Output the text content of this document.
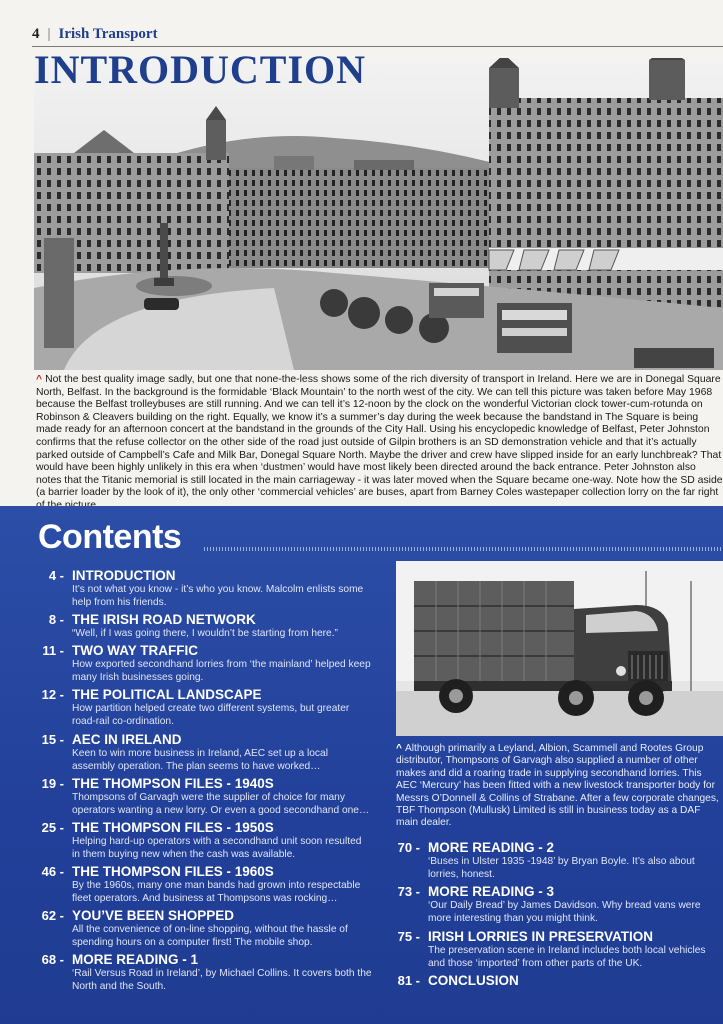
4 | Irish Transport
INTRODUCTION
^ Not the best quality image sadly, but one that none-the-less shows some of the rich diversity of transport in Ireland. Here we are in Donegal Square North, Belfast. In the background is the formidable ‘Black Mountain’ to the north west of the city. We can tell this picture was taken before May 1968 because the Belfast trolleybuses are still running. And we can tell it’s 12-noon by the clock on the wonderful Victorian clock tower-cum-rotunda on Robinson & Cleavers building on the right. Equally, we know it’s a summer’s day during the week because the bandstand in The Square is being made ready for an afternoon concert at the bandstand in the grounds of the City Hall. Using his encyclopedic knowledge of Belfast, Peter Johnston confirms that the refuse collector on the other side of the road just outside of Gilpin brothers is an SD demonstration vehicle and that it’s actually parked outside of Campbell’s Cafe and Milk Bar, Donegal Square North. Maybe the driver and crew have slipped inside for an early lunchbreak? That would have been highly unlikely in this era when ‘dustmen’ would have most likely been directed around the back entrance. Peter Johnston also notes that the Titanic memorial is still located in the main carriageway - it was later moved when the Square became one-way. Note how the SD aside (a barrier loader by the look of it), the only other ‘commercial vehicles’ are buses, apart from Barney Coles wastepaper collection lorry on the far right
Contents
4 - INTRODUCTION
It’s not what you know - it’s who you know. Malcolm enlists some help from his friends.
8 - THE IRISH ROAD NETWORK
“Well, if I was going there, I wouldn’t be starting from here.”
11 - TWO WAY TRAFFIC
How exported secondhand lorries from ‘the mainland’ helped keep many Irish businesses going.
12 - THE POLITICAL LANDSCAPE
How partition helped create two different systems, but greater road-rail co-ordination.
15 - AEC IN IRELAND
Keen to win more business in Ireland, AEC set up a local assembly operation. The plan seems to have worked…
19 - THE THOMPSON FILES - 1940S
Thompsons of Garvagh were the supplier of choice for many operators wanting a new lorry. Or even a good secondhand one…
25 - THE THOMPSON FILES - 1950S
Helping hard-up operators with a secondhand unit soon resulted in them buying new when the cash was available.
46 - THE THOMPSON FILES - 1960S
By the 1960s, many one man bands had grown into respectable fleet operators. And business at Thompsons was rocking…
62 - YOU’VE BEEN SHOPPED
All the convenience of on-line shopping, without the hassle of spending hours on a computer first! The mobile shop.
68 - MORE READING - 1
‘Rail Versus Road in Ireland’, by Michael Collins. It covers both the North and the South.
70 - MORE READING - 2
‘Buses in Ulster 1935 -1948’ by Bryan Boyle. It’s also about lorries, honest.
73 - MORE READING - 3
‘Our Daily Bread’ by James Davidson. Why bread vans were more interesting than you might think.
75 - IRISH LORRIES IN PRESERVATION
The preservation scene in Ireland includes both local vehicles and those ‘imported’ from other parts of the UK.
81 - CONCLUSION
^ Although primarily a Leyland, Albion, Scammell and Rootes Group distributor, Thompsons of Garvagh also supplied a number of other makes and did a roaring trade in supplying secondhand lorries. This AEC ‘Mercury’ has been fitted with a new livestock transporter body for Messrs O’Donnell & Collins of Strabane. After a few corporate changes, TBF Thompson (Mullusk) Limited is still in business today as a DAF main dealer.
